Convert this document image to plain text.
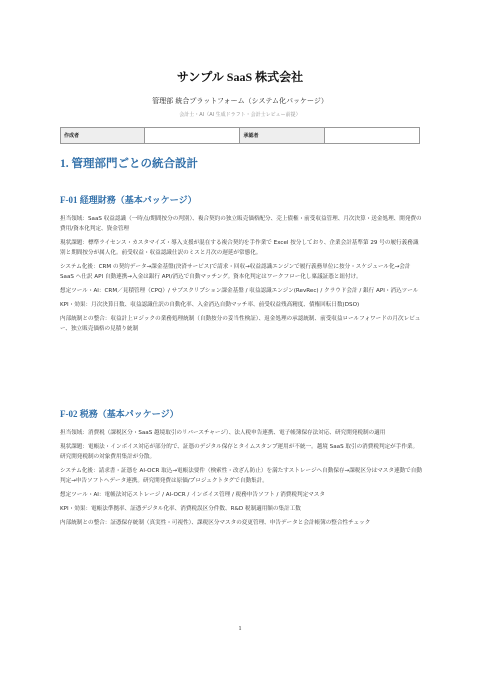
サンプル SaaS 株式会社
管理部 統合プラットフォーム（システム化パッケージ）
会計士・AI（AI 生成ドラフト・会計士レビュー前提）
作成者		承認者	
1. 管理部門ごとの統合設計
F-01 経理財務（基本パッケージ）

担当領域：SaaS 収益認識（一時点/期間按分の判別）、複合契約の独立販売価格配分、売上債権・前受収益管理、月次決算・送金処理、開発費の費用/資本化判定、資金管理

現状課題：標準ライセンス・カスタマイズ・導入支援が混在する複合契約を手作業で Excel 按分しており、企業会計基準第 29 号の履行義務識別と期間按分が属人化。前受収益・収益認識仕訳のミスと月次の遅延が常態化。

システム化後：CRM の契約データ→課金基盤(決済サービス)で請求・回収→収益認識エンジンで履行義務単位に按分・スケジュール化→会計 SaaS へ仕訳 API 自動連携→入金は銀行 API/消込で自動マッチング。資本化判定はワークフロー化し稟議証憑と紐付け。

想定ツール・AI：CRM／見積管理（CPQ）/ サブスクリプション課金基盤 / 収益認識エンジン(RevRec) / クラウド会計 / 銀行 API・消込ツール

KPI・効果：月次決算日数、収益認識仕訳の自動化率、入金消込自動マッチ率、前受収益残高精度、債権回転日数(DSO)

内部統制との整合：収益計上ロジックの業務処理統制（自動按分の妥当性検証）、返金処理の承認統制、前受収益ロールフォワードの月次レビュー、独立販売価格の見積り統制

F-02 税務（基本パッケージ）

担当領域：消費税（課税区分・SaaS 越境取引のリバースチャージ）、法人税申告連携、電子帳簿保存法対応、研究開発税制の適用

現状課題：電帳法・インボイス対応が部分的で、証憑のデジタル保存とタイムスタンプ運用が不統一。越境 SaaS 取引の消費税判定が手作業。研究開発税制の対象費用集計が分散。

システム化後：請求書・証憑を AI-OCR 取込→電帳法要件（検索性・改ざん防止）を満たすストレージへ自動保存→課税区分はマスタ連動で自動判定→申告ソフトへデータ連携。研究開発費は原価/プロジェクトタグで自動集計。

想定ツール・AI：電帳法対応ストレージ / AI-OCR / インボイス管理 / 税務申告ソフト / 消費税判定マスタ

KPI・効果：電帳法準拠率、証憑デジタル化率、消費税誤区分件数、R&D 税制適用額の集計工数

内部統制との整合：証憑保存統制（真実性・可視性）、課税区分マスタの変更管理、申告データと会計帳簿の整合性チェック

1
